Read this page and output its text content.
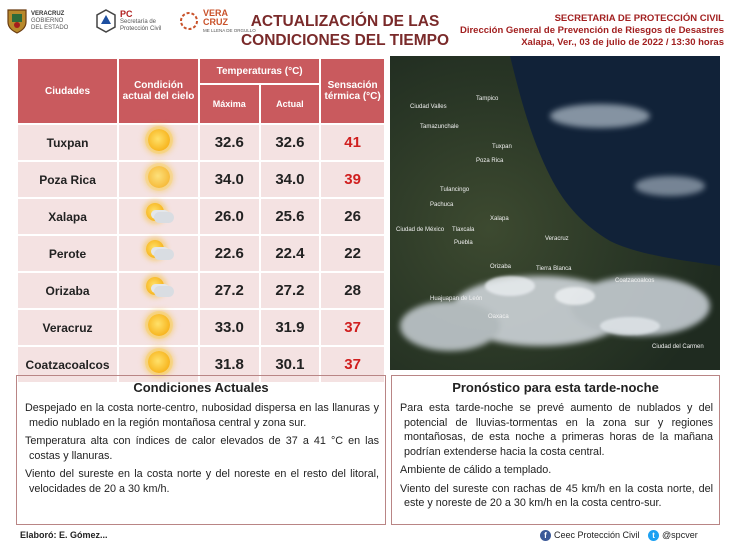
VERACRUZ
GOBIERNO
DEL ESTADO
PC
Secretaría de
Protección Civil
VERA CRUZ
ME LLENA DE ORGULLO
ACTUALIZACIÓN DE LAS
CONDICIONES DEL TIEMPO
SECRETARIA DE PROTECCIÓN CIVIL
Dirección General de Prevención de Riesgos de Desastres
Xalapa, Ver., 03 de julio de 2022 / 13:30 horas
Ciudades	Condición actual del cielo	Temperaturas (°C)		Sensación térmica (°C)
		Máxima	Actual	
Tuxpan		32.6	32.6	41
Poza Rica		34.0	34.0	39
Xalapa		26.0	25.6	26
Perote		22.6	22.4	22
Orizaba		27.2	27.2	28
Veracruz		33.0	31.9	37
Coatzacoalcos		31.8	30.1	37
Ciudad Valles
Tamazunchale
Tampico
Tuxpan
Poza Rica
Tulancingo
Pachuca
Tlaxcala
Xalapa
Veracruz
Puebla
Ciudad de México
Orizaba	Tierra Blanca
Coatzacoalcos
Ciudad del Carmen
Oaxaca
Huajuapan de León
Condiciones Actuales
Despejado en la costa norte-centro, nubosidad dispersa en las llanuras y medio nublado en la región montañosa central y zona sur.
Temperatura alta con índices de calor elevados de 37 a 41 °C en las costas y llanuras.
Viento del sureste en la costa norte y del noreste en el resto del litoral, velocidades de 20 a 30 km/h.
Pronóstico para esta tarde-noche
Para esta tarde-noche se prevé aumento de nublados y del potencial de lluvias-tormentas en la zona sur y regiones montañosas, de esta noche a primeras horas de la mañana podrían extenderse hacia la costa central.
Ambiente de cálido a templado.
Viento del sureste con rachas de 45 km/h en la costa norte, del este y noreste de 20 a 30 km/h en la costa centro-sur.
Elaboró: E. Gómez...	f Ceec Protección Civil t @spcver
